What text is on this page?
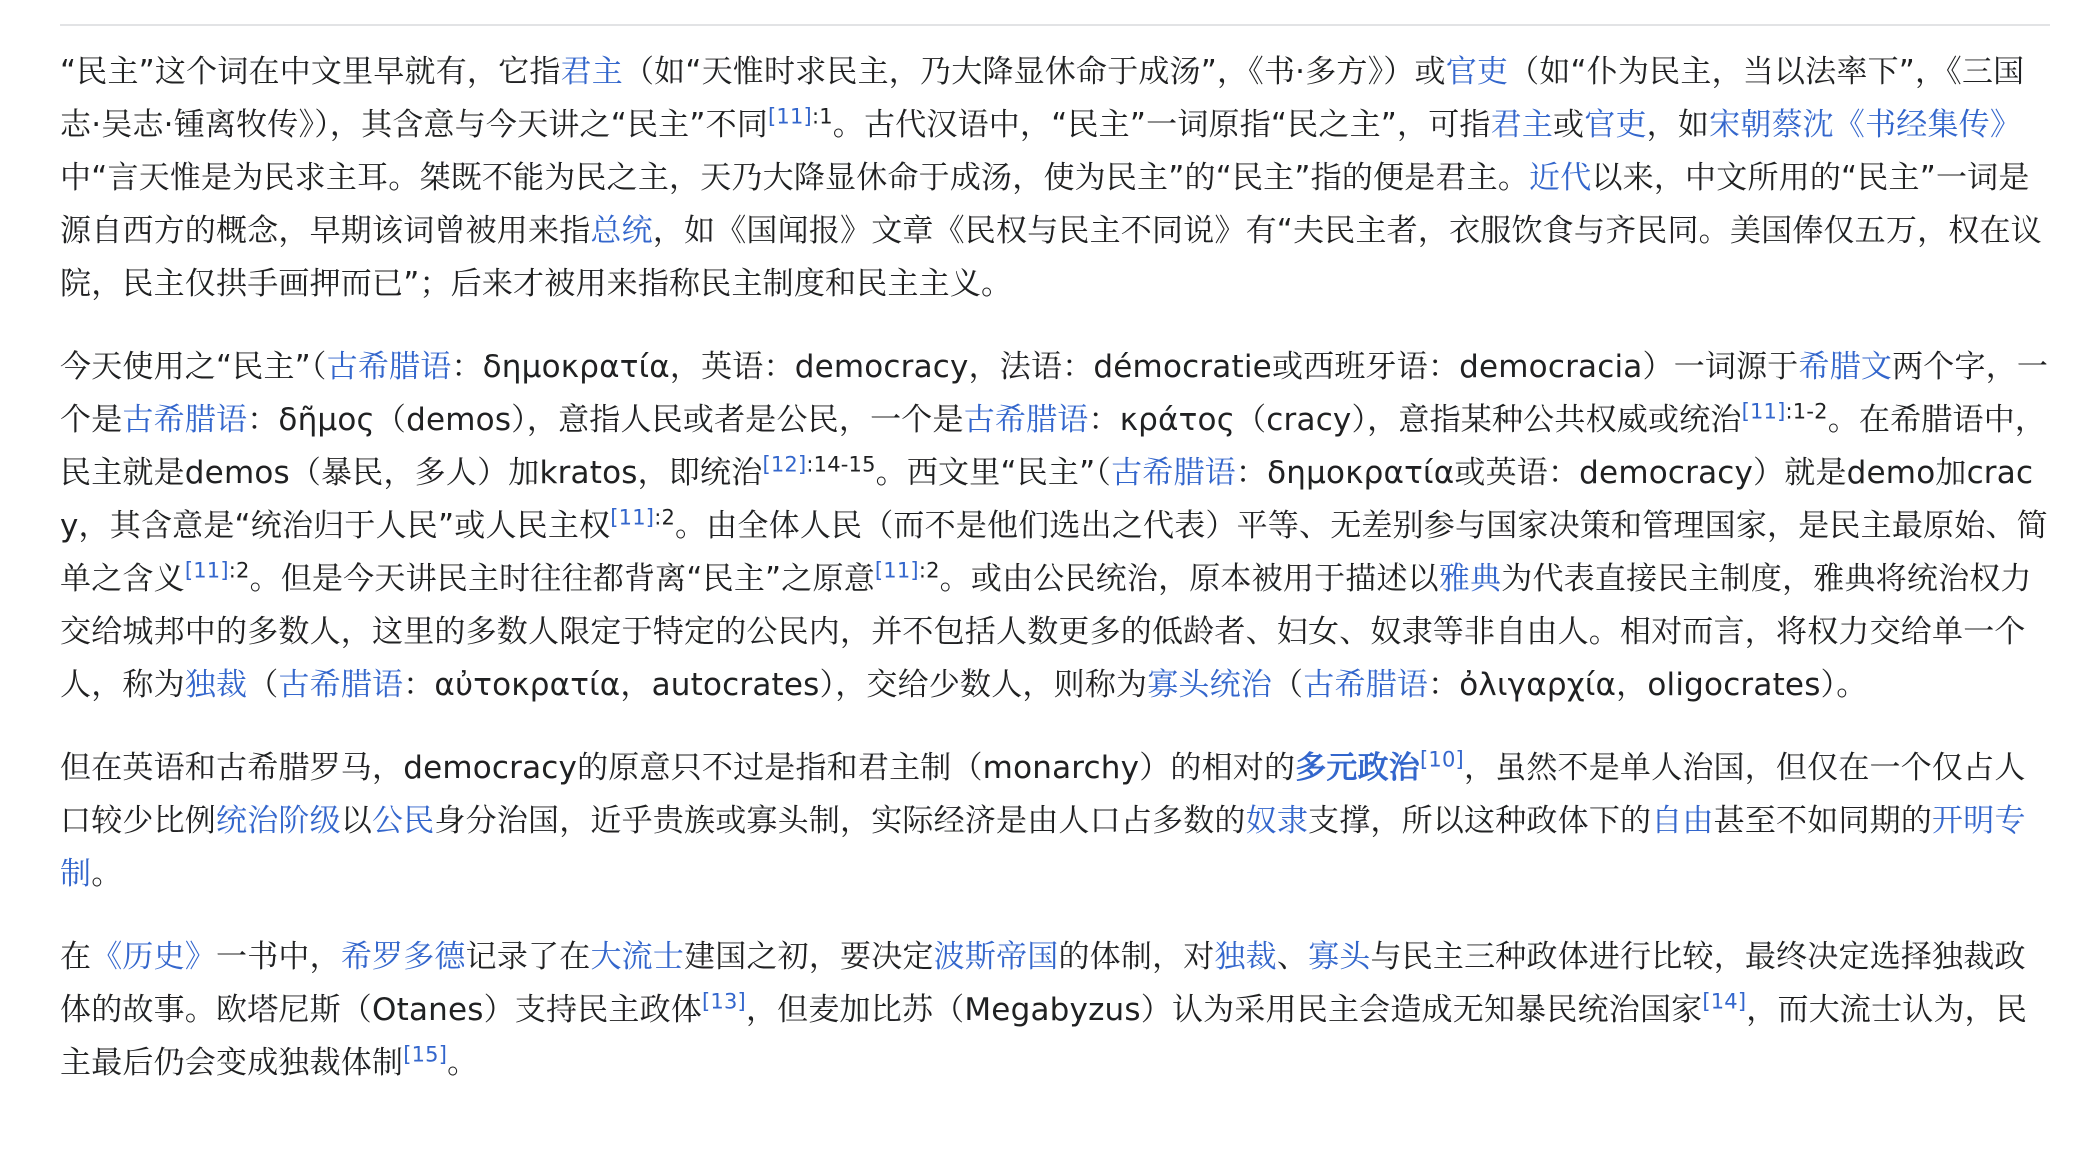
“民主”这个词在中文里早就有，它指君主（如“天惟时求民主，乃大降显休命于成汤”，《书·多方》）或官吏（如“仆为民主，当以法率下”，《三国志·吴志·锺离牧传》），其含意与今天讲之“民主”不同$^{[11]:1}$。古代汉语中，“民主”一词原指“民之主”，可指君主或官吏，如宋朝蔡沈《书经集传》中“言天惟是为民求主耳。桀既不能为民之主，天乃大降显休命于成汤，使为民主”的“民主”指的便是君主。近代以来，中文所用的“民主”一词是源自西方的概念，早期该词曾被用来指总统，如《国闻报》文章《民权与民主不同说》有“夫民主者，衣服饮食与齐民同。美国俸仅五万，权在议院，民主仅拱手画押而已”；后来才被用来指称民主制度和民主主义。

今天使用之“民主”（古希腊语：δημοκρατία，英语：democracy，法语：démocratie或西班牙语：democracia）一词源于希腊文两个字，一个是古希腊语：δῆμος（demos），意指人民或者是公民，一个是古希腊语：κράτος（cracy），意指某种公共权威或统治$^{[11]:1-2}$。在希腊语中，民主就是demos（暴民，多人）加kratos，即统治$^{[12]:14-15}$。西文里“民主”（古希腊语：δημοκρατία或英语：democracy）就是demo加cracy，其含意是“统治归于人民”或人民主权$^{[11]:2}$。由全体人民（而不是他们选出之代表）平等、无差别参与国家决策和管理国家，是民主最原始、简单之含义$^{[11]:2}$。但是今天讲民主时往往都背离“民主”之原意$^{[11]:2}$。或由公民统治，原本被用于描述以雅典为代表直接民主制度，雅典将统治权力交给城邦中的多数人，这里的多数人限定于特定的公民内，并不包括人数更多的低龄者、妇女、奴隶等非自由人。相对而言，将权力交给单一个人，称为独裁（古希腊语：αὐτοκρατία，autocrates），交给少数人，则称为寡头统治（古希腊语：ὀλιγαρχία，oligocrates）。

但在英语和古希腊罗马，democracy的原意只不过是指和君主制（monarchy）的相对的多元政治[10]，虽然不是单人治国，但仅在一个仅占人口较少比例统治阶级以公民身分治国，近乎贵族或寡头制，实际经济是由人口占多数的奴隶支撑，所以这种政体下的自由甚至不如同期的开明专制。

在《历史》一书中，希罗多德记录了在大流士建国之初，要决定波斯帝国的体制，对独裁、寡头与民主三种政体进行比较，最终决定选择独裁政体的故事。欧塔尼斯（Otanes）支持民主政体[13]，但麦加比苏（Megabyzus）认为采用民主会造成无知暴民统治国家[14]，而大流士认为，民主最后仍会变成独裁体制[15]。
